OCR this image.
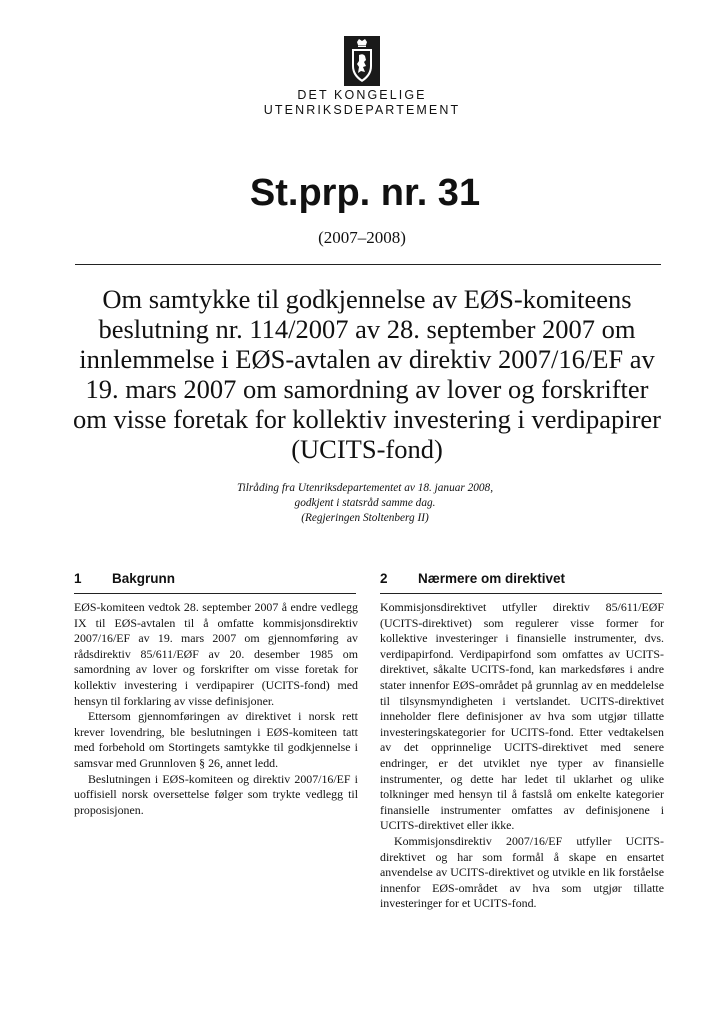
DET KONGELIGE
UTENRIKSDEPARTEMENT
St.prp. nr. 31
(2007–2008)
Om samtykke til godkjennelse av EØS-komiteens beslutning nr. 114/2007 av 28. september 2007 om innlemmelse i EØS-avtalen av direktiv 2007/16/EF av 19. mars 2007 om samordning av lover og forskrifter om visse foretak for kollektiv investering i verdipapirer (UCITS-fond)
Tilråding fra Utenriksdepartementet av 18. januar 2008,
godkjent i statsråd samme dag.
(Regjeringen Stoltenberg II)
1 Bakgrunn

EØS-komiteen vedtok 28. september 2007 å endre vedlegg IX til EØS-avtalen til å omfatte kommisjonsdirektiv 2007/16/EF av 19. mars 2007 om gjennomføring av rådsdirektiv 85/611/EØF av 20. desember 1985 om samordning av lover og forskrifter om visse foretak for kollektiv investering i verdipapirer (UCITS-fond) med hensyn til forklaring av visse definisjoner.

Ettersom gjennomføringen av direktivet i norsk rett krever lovendring, ble beslutningen i EØS-komiteen tatt med forbehold om Stortingets samtykke til godkjennelse i samsvar med Grunnloven § 26, annet ledd.

Beslutningen i EØS-komiteen og direktiv 2007/16/EF i uoffisiell norsk oversettelse følger som trykte vedlegg til proposisjonen.

2 Nærmere om direktivet

Kommisjonsdirektivet utfyller direktiv 85/611/EØF (UCITS-direktivet) som regulerer visse former for kollektive investeringer i finansielle instrumenter, dvs. verdipapirfond. Verdipapirfond som omfattes av UCITS-direktivet, såkalte UCITS-fond, kan markedsføres i andre stater innenfor EØS-området på grunnlag av en meddelelse til tilsynsmyndigheten i vertslandet. UCITS-direktivet inneholder flere definisjoner av hva som utgjør tillatte investeringskategorier for UCITS-fond. Etter vedtakelsen av det opprinnelige UCITS-direktivet med senere endringer, er det utviklet nye typer av finansielle instrumenter, og dette har ledet til uklarhet og ulike tolkninger med hensyn til å fastslå om enkelte kategorier finansielle instrumenter omfattes av definisjonene i UCITS-direktivet eller ikke.

Kommisjonsdirektiv 2007/16/EF utfyller UCITS-direktivet og har som formål å skape en ensartet anvendelse av UCITS-direktivet og utvikle en lik forståelse innenfor EØS-området av hva som utgjør tillatte investeringer for et UCITS-fond.
